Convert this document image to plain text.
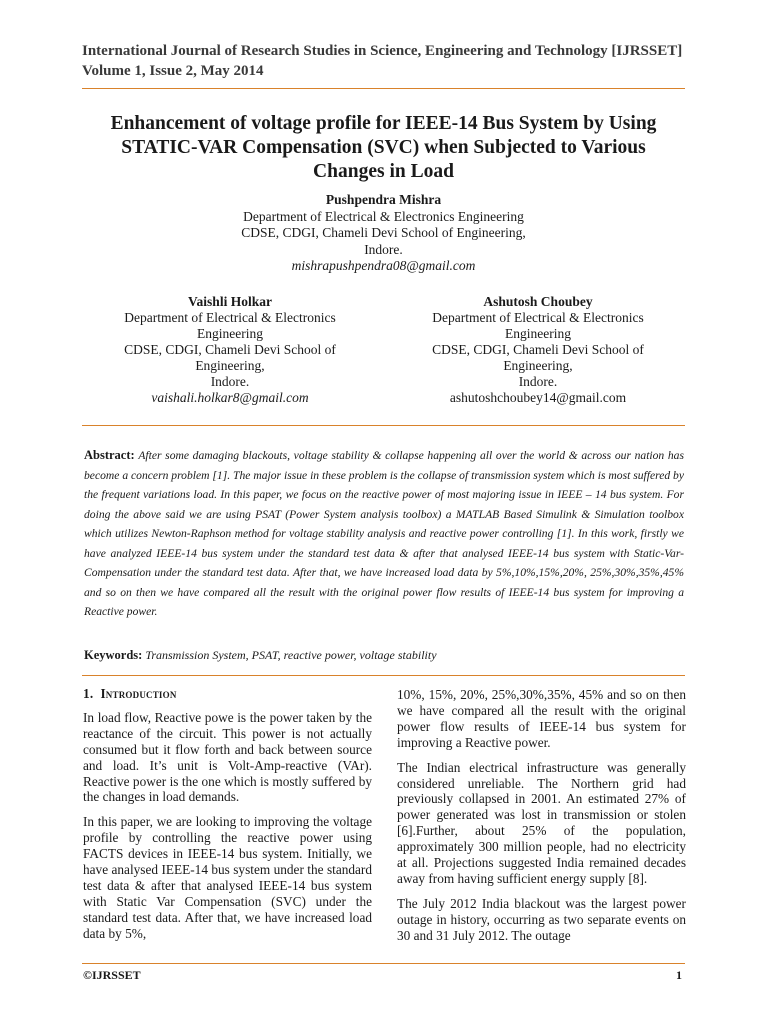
International Journal of Research Studies in Science, Engineering and Technology [IJRSSET]
Volume 1, Issue 2, May 2014
Enhancement of voltage profile for IEEE-14 Bus System by Using
STATIC-VAR Compensation (SVC) when Subjected to Various
Changes in Load
Pushpendra Mishra
Department of Electrical & Electronics Engineering
CDSE, CDGI, Chameli Devi School of Engineering,
Indore.
mishrapushpendra08@gmail.com
Vaishli Holkar
Department of Electrical & Electronics
Engineering
CDSE, CDGI, Chameli Devi School of
Engineering,
Indore.
vaishali.holkar8@gmail.com
Ashutosh Choubey
Department of Electrical & Electronics
Engineering
CDSE, CDGI, Chameli Devi School of
Engineering,
Indore.
ashutoshchoubey14@gmail.com
Abstract: After some damaging blackouts, voltage stability & collapse happening all over the world & across our nation has become a concern problem [1]. The major issue in these problem is the collapse of transmission system which is most suffered by the frequent variations load. In this paper, we focus on the reactive power of most majoring issue in IEEE – 14 bus system. For doing the above said we are using PSAT (Power System analysis toolbox) a MATLAB Based Simulink & Simulation toolbox which utilizes Newton-Raphson method for voltage stability analysis and reactive power controlling [1]. In this work, firstly we have analyzed IEEE-14 bus system under the standard test data & after that analysed IEEE-14 bus system with Static-Var-Compensation under the standard test data. After that, we have increased load data by 5%,10%,15%,20%, 25%,30%,35%,45% and so on then we have compared all the result with the original power flow results of IEEE-14 bus system for improving a Reactive power.
Keywords: Transmission System, PSAT, reactive power, voltage stability
1. Introduction

In load flow, Reactive powe is the power taken by the reactance of the circuit. This power is not actually consumed but it flow forth and back between source and load. It’s unit is Volt-Amp-reactive (VAr). Reactive power is the one which is mostly suffered by the changes in load demands.

In this paper, we are looking to improving the voltage profile by controlling the reactive power using FACTS devices in IEEE-14 bus system. Initially, we have analysed IEEE-14 bus system under the standard test data & after that analysed IEEE-14 bus system with Static Var Compensation (SVC) under the standard test data. After that, we have increased load data by 5%,

10%, 15%, 20%, 25%,30%,35%, 45% and so on then we have compared all the result with the original power flow results of IEEE-14 bus system for improving a Reactive power.

The Indian electrical infrastructure was generally considered unreliable. The Northern grid had previously collapsed in 2001. An estimated 27% of power generated was lost in transmission or stolen [6].Further, about 25% of the population, approximately 300 million people, had no electricity at all. Projections suggested India remained decades away from having sufficient energy supply [8].

The July 2012 India blackout was the largest power outage in history, occurring as two separate events on 30 and 31 July 2012. The outage

©IJRSSET	1
